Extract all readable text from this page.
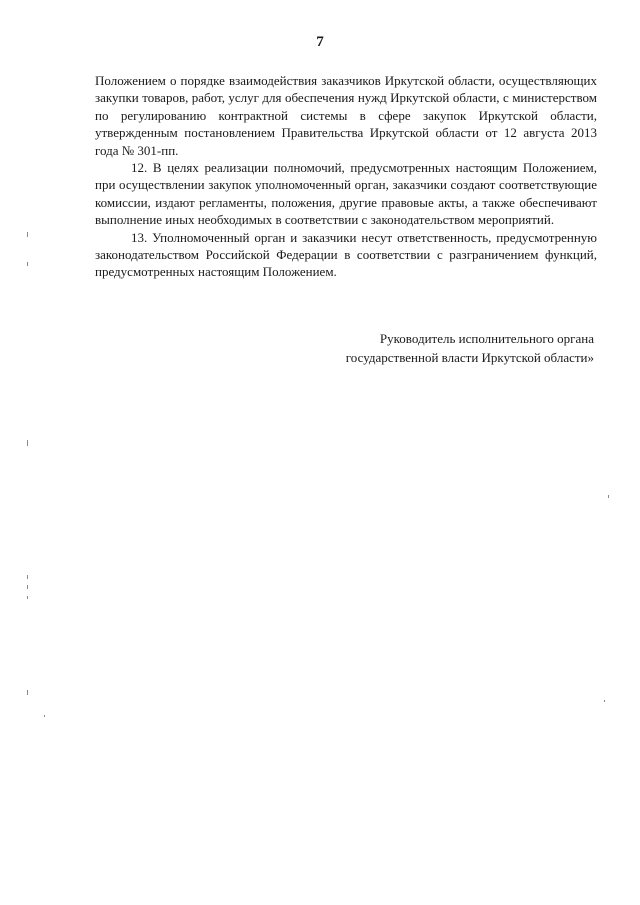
7

Положением о порядке взаимодействия заказчиков Иркутской области, осуществляющих закупки товаров, работ, услуг для обеспечения нужд Иркутской области, с министерством по регулированию контрактной системы в сфере закупок Иркутской области, утвержденным постановлением Правительства Иркутской области от 12 августа 2013 года № 301-пп.

12. В целях реализации полномочий, предусмотренных настоящим Положением, при осуществлении закупок уполномоченный орган, заказчики создают соответствующие комиссии, издают регламенты, положения, другие правовые акты, а также обеспечивают выполнение иных необходимых в соответствии с законодательством мероприятий.

13. Уполномоченный орган и заказчики несут ответственность, предусмотренную законодательством Российской Федерации в соответствии с разграничением функций, предусмотренных настоящим Положением.

Руководитель исполнительного органа
государственной власти Иркутской области»
